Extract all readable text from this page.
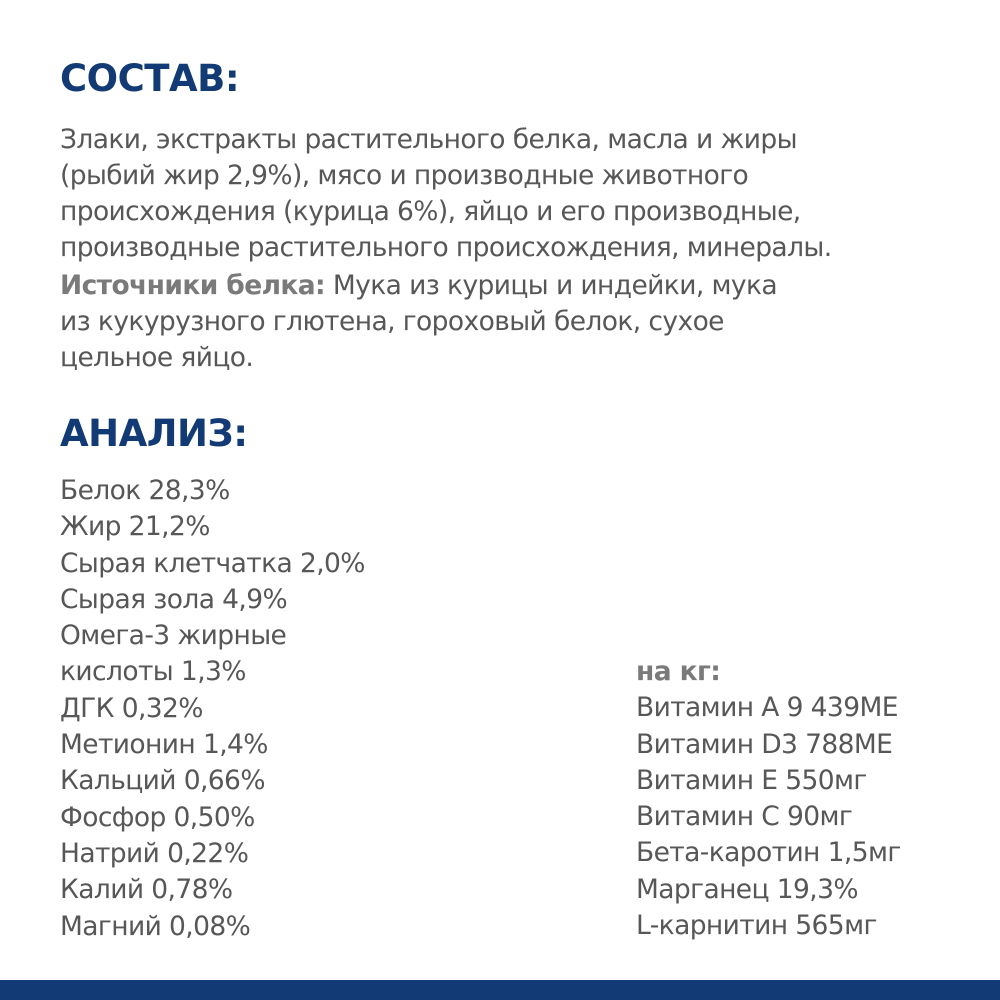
СОСТАВ:

Злаки, экстракты растительного белка, масла и жиры
(рыбий жир 2,9%), мясо и производные животного
происхождения (курица 6%), яйцо и его производные,
производные растительного происхождения, минералы.

Источники белка: Мука из курицы и индейки, мука
из кукурузного глютена, гороховый белок, сухое
цельное яйцо.

АНАЛИЗ:
Белок 28,3%
Жир 21,2%
Сырая клетчатка 2,0%
Сырая зола 4,9%
Омега-3 жирные
кислоты 1,3%
ДГК 0,32%
Метионин 1,4%
Кальций 0,66%
Фосфор 0,50%
Натрий 0,22%
Калий 0,78%
Магний 0,08%
на кг:
Витамин А 9 439МЕ
Витамин D3 788МЕ
Витамин Е 550мг
Витамин С 90мг
Бета-каротин 1,5мг
Марганец 19,3%
L-карнитин 565мг
